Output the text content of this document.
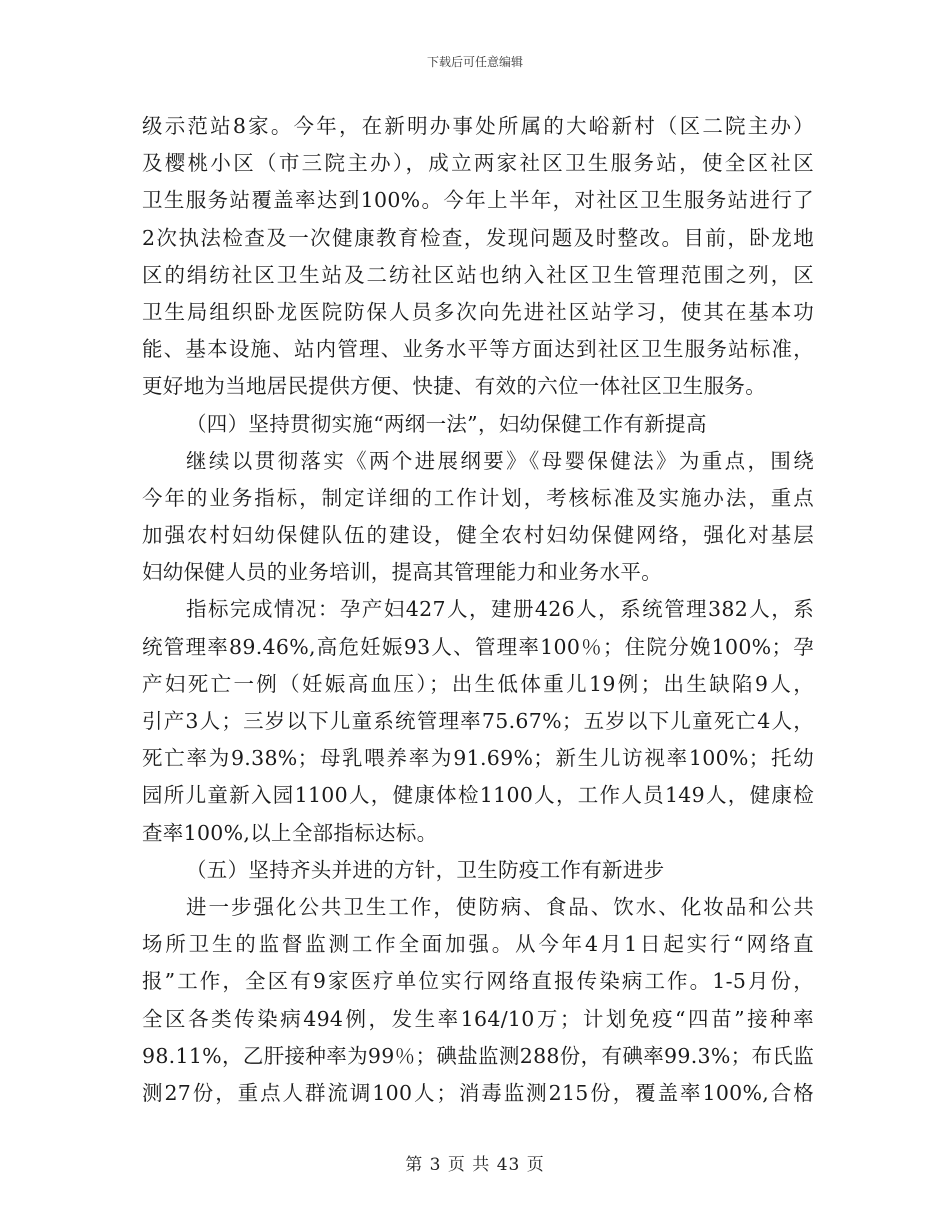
下载后可任意编辑
级示范站8家。今年，在新明办事处所属的大峪新村（区二院主办）
及樱桃小区（市三院主办），成立两家社区卫生服务站，使全区社区
卫生服务站覆盖率达到100%。今年上半年，对社区卫生服务站进行了
2次执法检查及一次健康教育检查，发现问题及时整改。目前，卧龙地
区的绢纺社区卫生站及二纺社区站也纳入社区卫生管理范围之列，区
卫生局组织卧龙医院防保人员多次向先进社区站学习，使其在基本功
能、基本设施、站内管理、业务水平等方面达到社区卫生服务站标准，
更好地为当地居民提供方便、快捷、有效的六位一体社区卫生服务。
（四）坚持贯彻实施“两纲一法”，妇幼保健工作有新提高
继续以贯彻落实《两个进展纲要》《母婴保健法》为重点，围绕
今年的业务指标，制定详细的工作计划，考核标准及实施办法，重点
加强农村妇幼保健队伍的建设，健全农村妇幼保健网络，强化对基层
妇幼保健人员的业务培训，提高其管理能力和业务水平。
指标完成情况：孕产妇427人，建册426人，系统管理382人，系
统管理率89.46%,高危妊娠93人、管理率100％；住院分娩100%；孕
产妇死亡一例（妊娠高血压）；出生低体重儿19例；出生缺陷9人，
引产3人；三岁以下儿童系统管理率75.67%；五岁以下儿童死亡4人，
死亡率为9.38%；母乳喂养率为91.69%；新生儿访视率100%；托幼
园所儿童新入园1100人，健康体检1100人，工作人员149人，健康检
查率100%,以上全部指标达标。
（五）坚持齐头并进的方针，卫生防疫工作有新进步
进一步强化公共卫生工作，使防病、食品、饮水、化妆品和公共
场所卫生的监督监测工作全面加强。从今年4月1日起实行“网络直
报”工作，全区有9家医疗单位实行网络直报传染病工作。1-5月份，
全区各类传染病494例，发生率164/10万；计划免疫“四苗”接种率
98.11%，乙肝接种率为99％；碘盐监测288份，有碘率99.3%；布氏监
测27份，重点人群流调100人；消毒监测215份，覆盖率100%,合格
第 3 页 共 43 页
